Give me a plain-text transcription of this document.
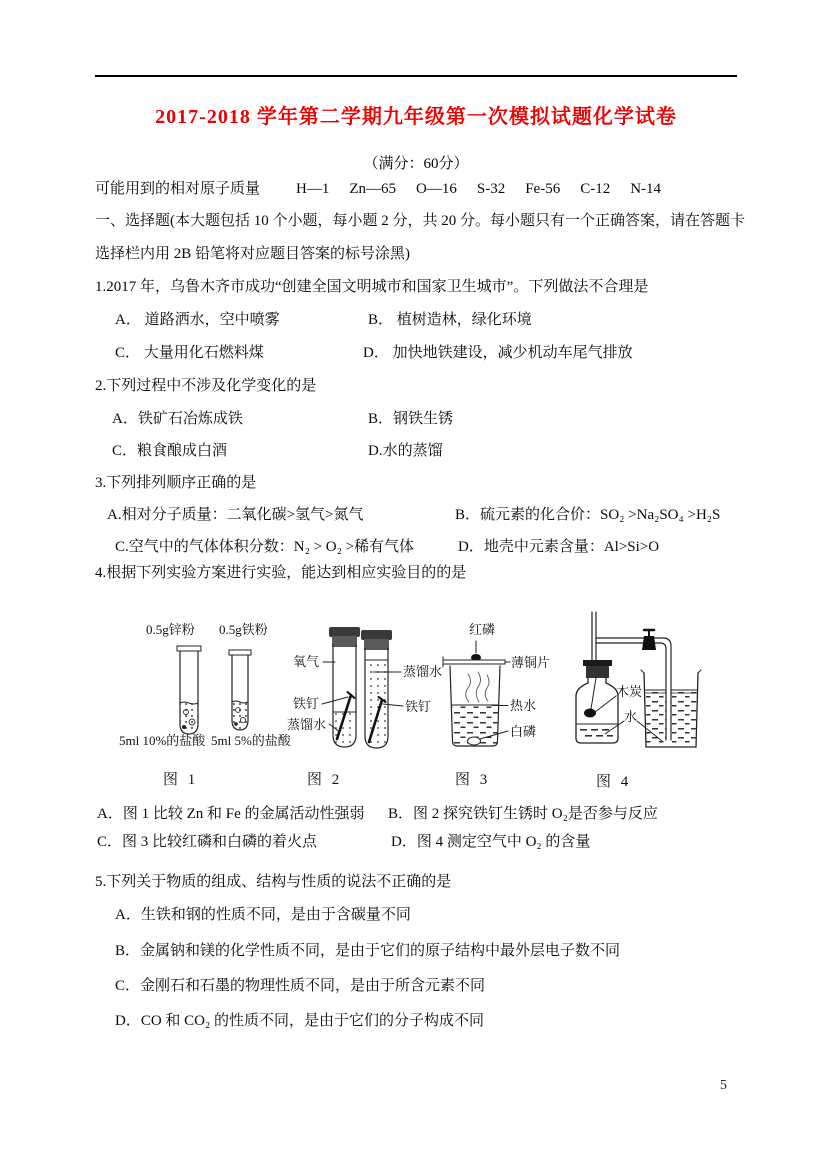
2017-2018 学年第二学期九年级第一次模拟试题化学试卷
（满分：60分）
可能用到的相对原子质量 H—1 Zn—65 O—16 S-32 Fe-56 C-12 N-14
一、选择题(本大题包括 10 个小题，每小题 2 分，共 20 分。每小题只有一个正确答案，请在答题卡
选择栏内用 2B 铅笔将对应题目答案的标号涂黑)
1.2017 年，乌鲁木齐市成功“创建全国文明城市和国家卫生城市”。下列做法不合理是
A． 道路洒水，空中喷雾	B． 植树造林，绿化环境
C． 大量用化石燃料煤	D． 加快地铁建设，减少机动车尾气排放
2.下列过程中不涉及化学变化的是
A．铁矿石冶炼成铁	B．钢铁生锈
C．粮食酿成白酒	D.水的蒸馏
3.下列排列顺序正确的是
A.相对分子质量：二氧化碳>氢气>氮气	B．硫元素的化合价：SO₂ >Na₂SO₄ >H₂S
C.空气中的气体体积分数：N₂ > O₂ >稀有气体	D．地壳中元素含量：Al>Si>O
4.根据下列实验方案进行实验，能达到相应实验目的的是
0.5g锌粉 0.5g铁粉
5ml 10%的盐酸 5ml 5%的盐酸
图 1
氧气
铁钉
蒸馏水
蒸馏水
铁钉
图 2
红磷
薄铜片
热水
白磷
图 3
木炭
水
图 4
A．图 1 比较 Zn 和 Fe 的金属活动性强弱 B．图 2 探究铁钉生锈时 O₂是否参与反应
C．图 3 比较红磷和白磷的着火点	D．图 4 测定空气中 O₂ 的含量
5.下列关于物质的组成、结构与性质的说法不正确的是
A．生铁和钢的性质不同，是由于含碳量不同
B．金属钠和镁的化学性质不同，是由于它们的原子结构中最外层电子数不同
C．金刚石和石墨的物理性质不同，是由于所含元素不同
D．CO 和 CO₂ 的性质不同，是由于它们的分子构成不同
5
